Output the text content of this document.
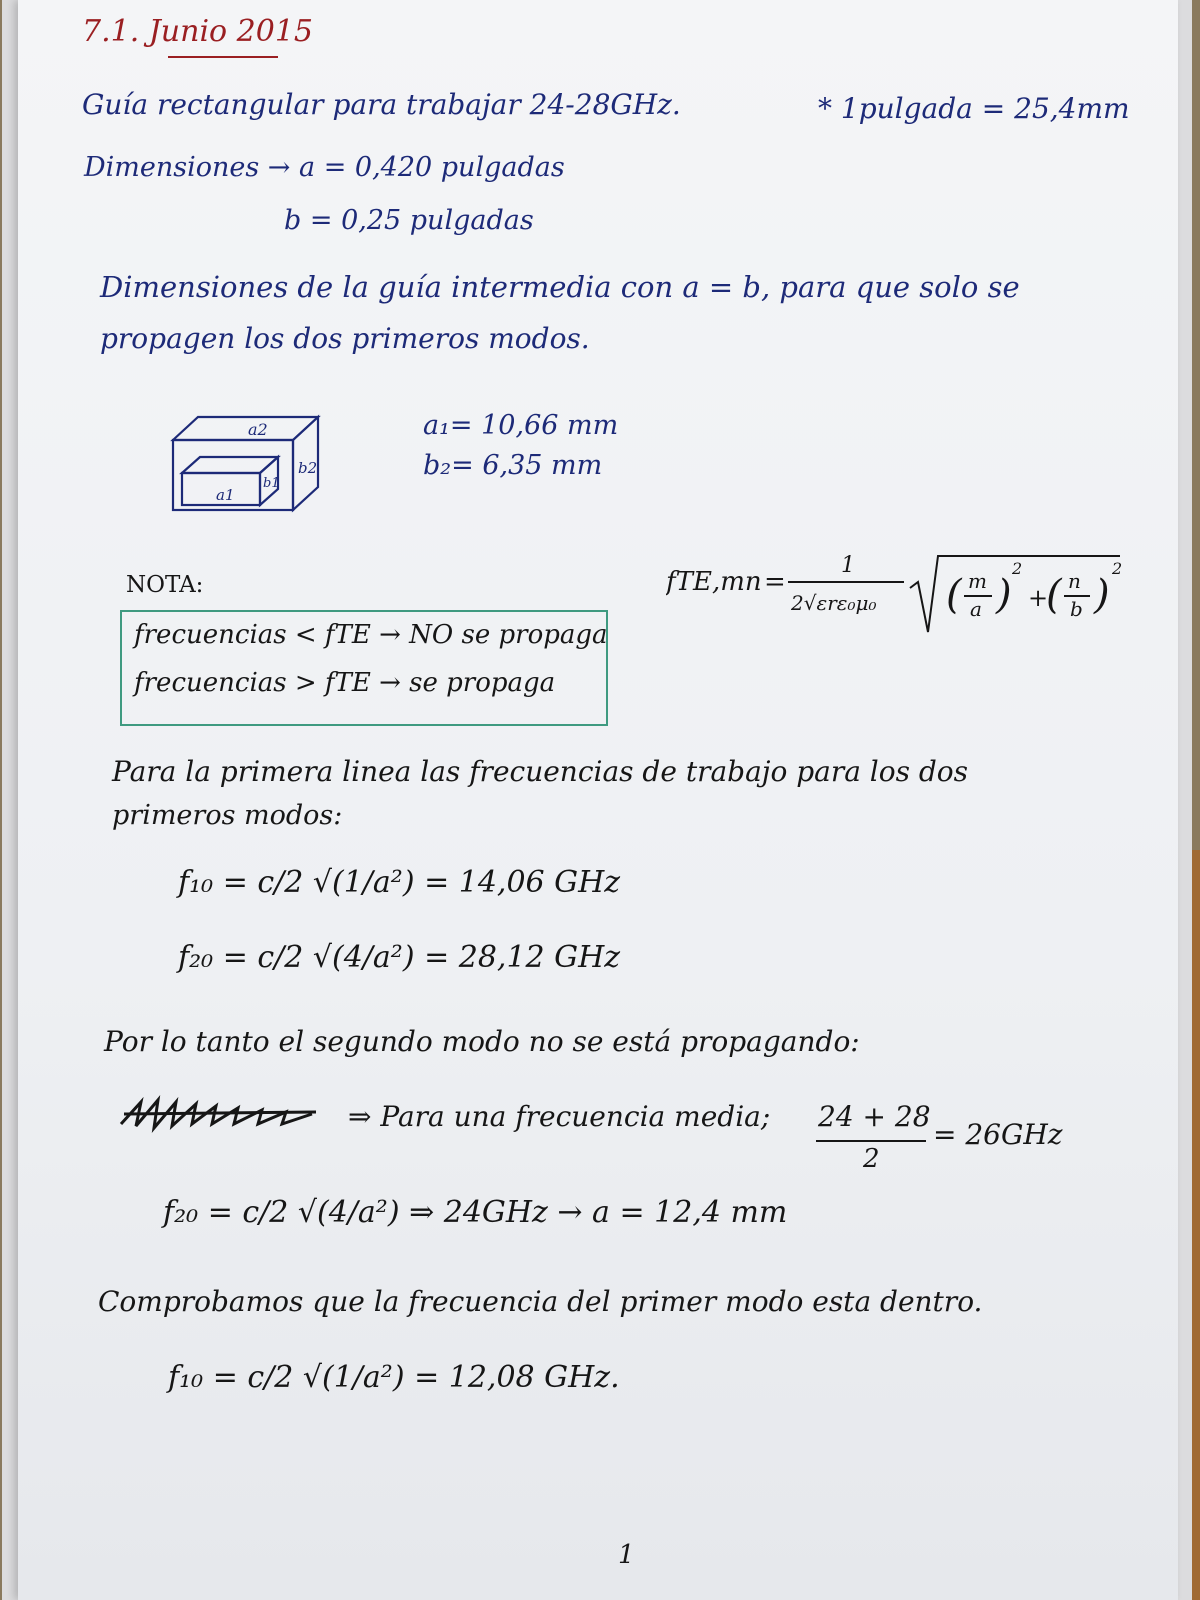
7.1. Junio 2015
Guía rectangular para trabajar 24-28GHz.	* 1pulgada = 25,4mm
Dimensiones → a = 0,420 pulgadas
b = 0,25 pulgadas
Dimensiones de la guía intermedia con a = b, para que solo se
propagen los dos primeros modos.
a2
b2
a1
b1
a₁= 10,66 mm
b₂= 6,35 mm
NOTA:
frecuencias < fTE → NO se propaga
frecuencias > fTE → se propaga
fTE,mn =
1
2√εrε₀μ₀ ( m
a )
2
+
( n
b )
2
Para la primera linea las frecuencias de trabajo para los dos
primeros modos:
f₁₀ = c/2 √(1/a²) = 14,06 GHz
f₂₀ = c/2 √(4/a²) = 28,12 GHz
Por lo tanto el segundo modo no se está propagando:
⇒ Para una frecuencia media; 24 + 28
2
= 26GHz
f₂₀ = c/2 √(4/a²) ⇒ 24GHz → a = 12,4 mm
Comprobamos que la frecuencia del primer modo esta dentro.
f₁₀ = c/2 √(1/a²) = 12,08 GHz.
1
